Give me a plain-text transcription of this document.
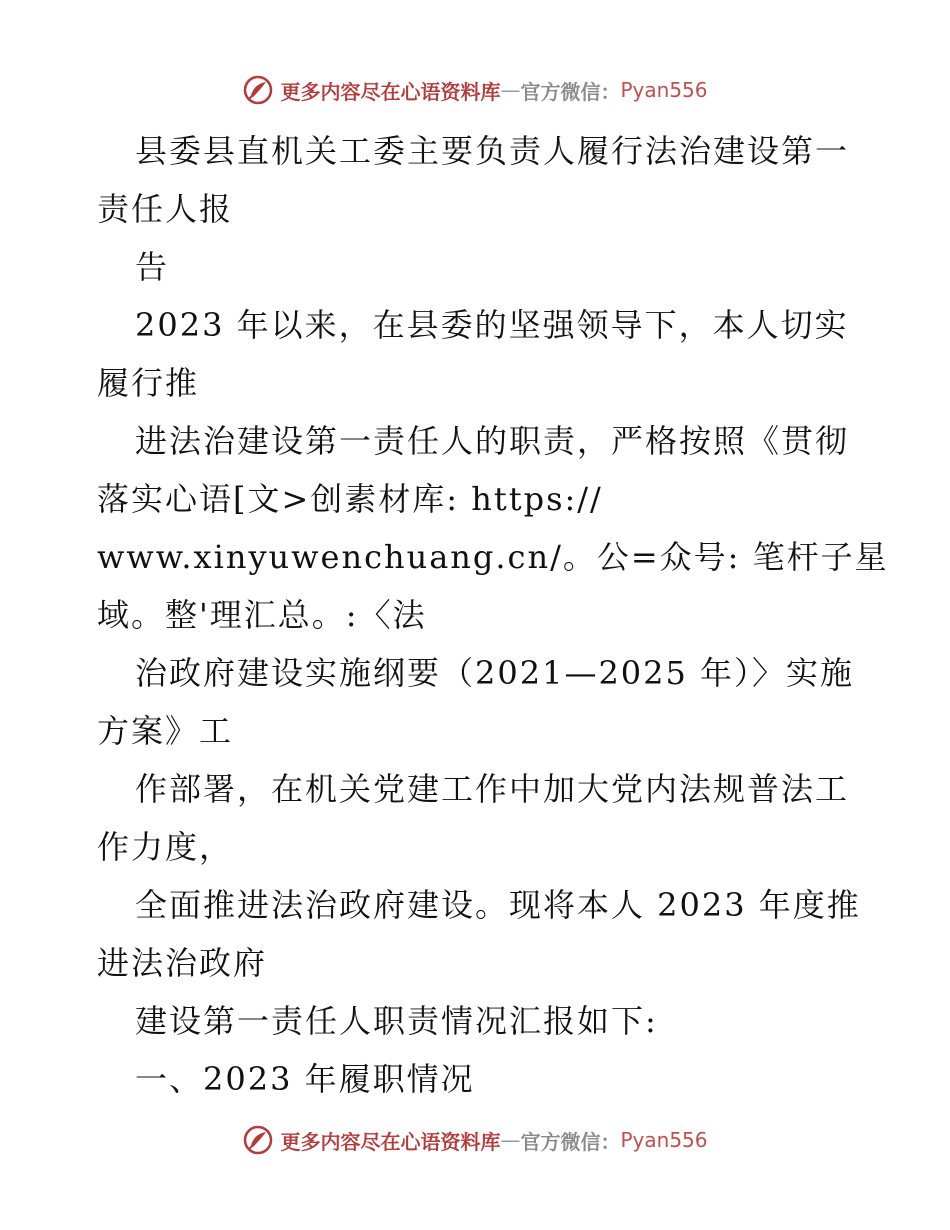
更多内容尽在心语资料库 — 官方微信： Pyan556
县委县直机关工委主要负责人履行法治建设第一
责任人报
告
2023 年以来，在县委的坚强领导下，本人切实
履行推
进法治建设第一责任人的职责，严格按照《贯彻
落实心语[文>创素材库: https://
www.xinyuwenchuang.cn/。公=众号: 笔杆子星
域。整'理汇总。:〈法
治政府建设实施纲要（2021—2025 年）〉实施
方案》工
作部署，在机关党建工作中加大党内法规普法工
作力度，
全面推进法治政府建设。现将本人 2023 年度推
进法治政府
建设第一责任人职责情况汇报如下:
一、2023 年履职情况
更多内容尽在心语资料库 — 官方微信： Pyan556
